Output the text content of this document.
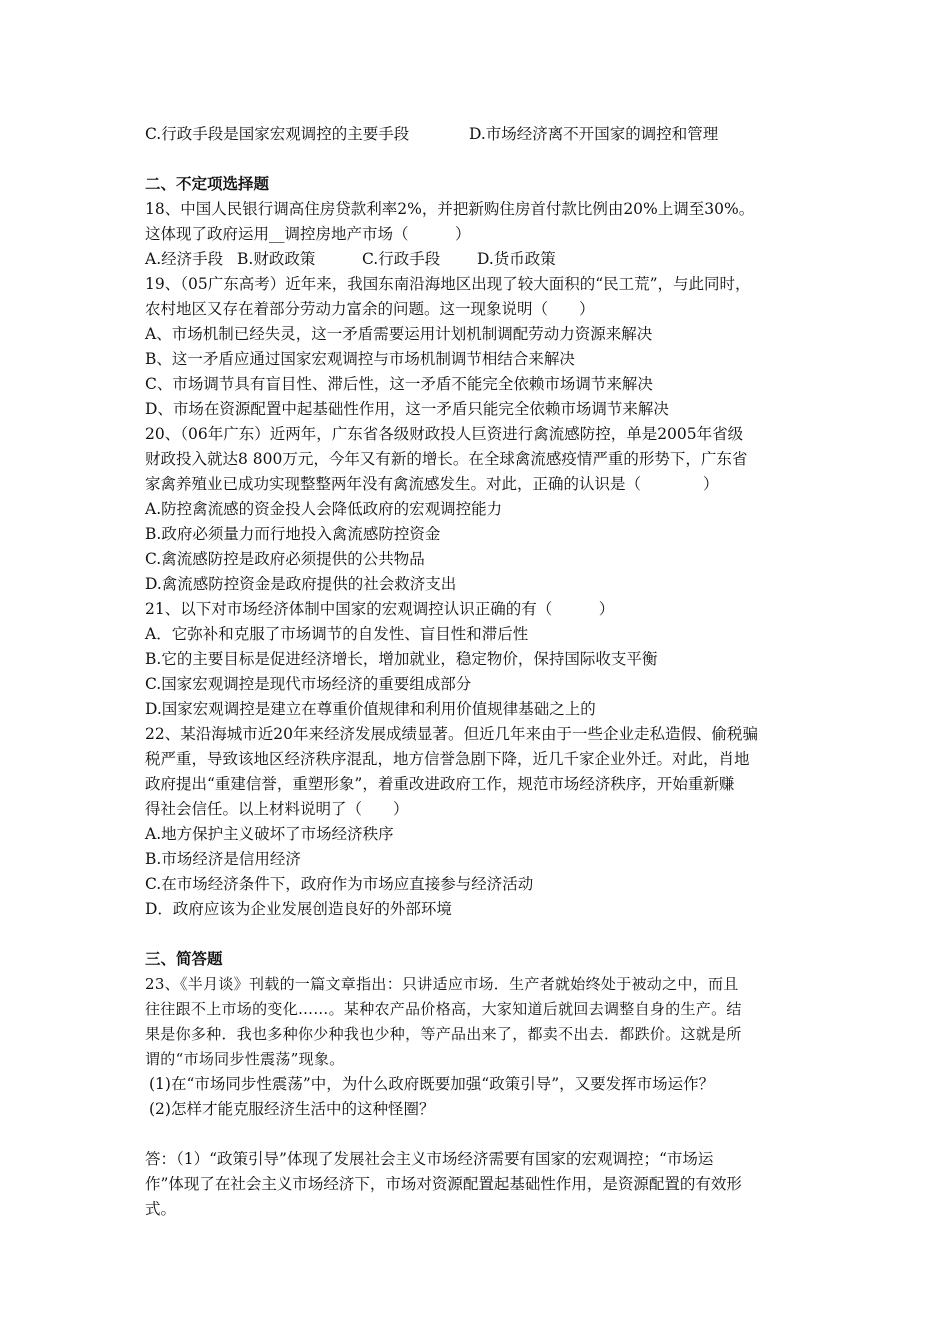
C.行政手段是国家宏观调控的主要手段	D.市场经济离不开国家的调控和管理

二、不定项选择题

18、中国人民银行调高住房贷款利率2%，并把新购住房首付款比例由20%上调至30%。

这体现了政府运用__调控房地产市场（　　　）

A.经济手段 B.财政政策	C.行政手段	D.货币政策

19、（05广东高考）近年来，我国东南沿海地区出现了较大面积的“民工荒”，与此同时，

农村地区又存在着部分劳动力富余的问题。这一现象说明（　　）

A、市场机制已经失灵，这一矛盾需要运用计划机制调配劳动力资源来解决

B、这一矛盾应通过国家宏观调控与市场机制调节相结合来解决

C、市场调节具有盲目性、滞后性，这一矛盾不能完全依赖市场调节来解决

D、市场在资源配置中起基础性作用，这一矛盾只能完全依赖市场调节来解决

20、（06年广东）近两年，广东省各级财政投人巨资进行禽流感防控，单是2005年省级

财政投入就达8 800万元，今年又有新的增长。在全球禽流感疫情严重的形势下，广东省

家禽养殖业已成功实现整整两年没有禽流感发生。对此，正确的认识是（　　　　）

A.防控禽流感的资金投人会降低政府的宏观调控能力

B.政府必须量力而行地投入禽流感防控资金

C.禽流感防控是政府必须提供的公共物品

D.禽流感防控资金是政府提供的社会救济支出

21、以下对市场经济体制中国家的宏观调控认识正确的有（　　　）

A．它弥补和克服了市场调节的自发性、盲目性和滞后性

B.它的主要目标是促进经济增长，增加就业，稳定物价，保持国际收支平衡

C.国家宏观调控是现代市场经济的重要组成部分

D.国家宏观调控是建立在尊重价值规律和利用价值规律基础之上的

22、某沿海城市近20年来经济发展成绩显著。但近几年来由于一些企业走私造假、偷税骗

税严重，导致该地区经济秩序混乱，地方信誉急剧下降，近几千家企业外迁。对此，肖地

政府提出“重建信誉，重塑形象”，着重改进政府工作，规范市场经济秩序，开始重新赚

得社会信任。以上材料说明了（　　）

A.地方保护主义破坏了市场经济秩序

B.市场经济是信用经济

C.在市场经济条件下，政府作为市场应直接参与经济活动

D．政府应该为企业发展创造良好的外部环境

三、简答题

23、《半月谈》刊载的一篇文章指出：只讲适应市场．生产者就始终处于被动之中，而且

往往跟不上市场的变化……。某种农产品价格高，大家知道后就回去调整自身的生产。结

果是你多种．我也多种你少种我也少种，等产品出来了，都卖不出去．都跌价。这就是所

谓的“市场同步性震荡”现象。

(1)在“市场同步性震荡”中，为什么政府既要加强“政策引导”，又要发挥市场运作？

(2)怎样才能克服经济生活中的这种怪圈？

答：（1）“政策引导”体现了发展社会主义市场经济需要有国家的宏观调控；“市场运

作”体现了在社会主义市场经济下，市场对资源配置起基础性作用，是资源配置的有效形

式。
